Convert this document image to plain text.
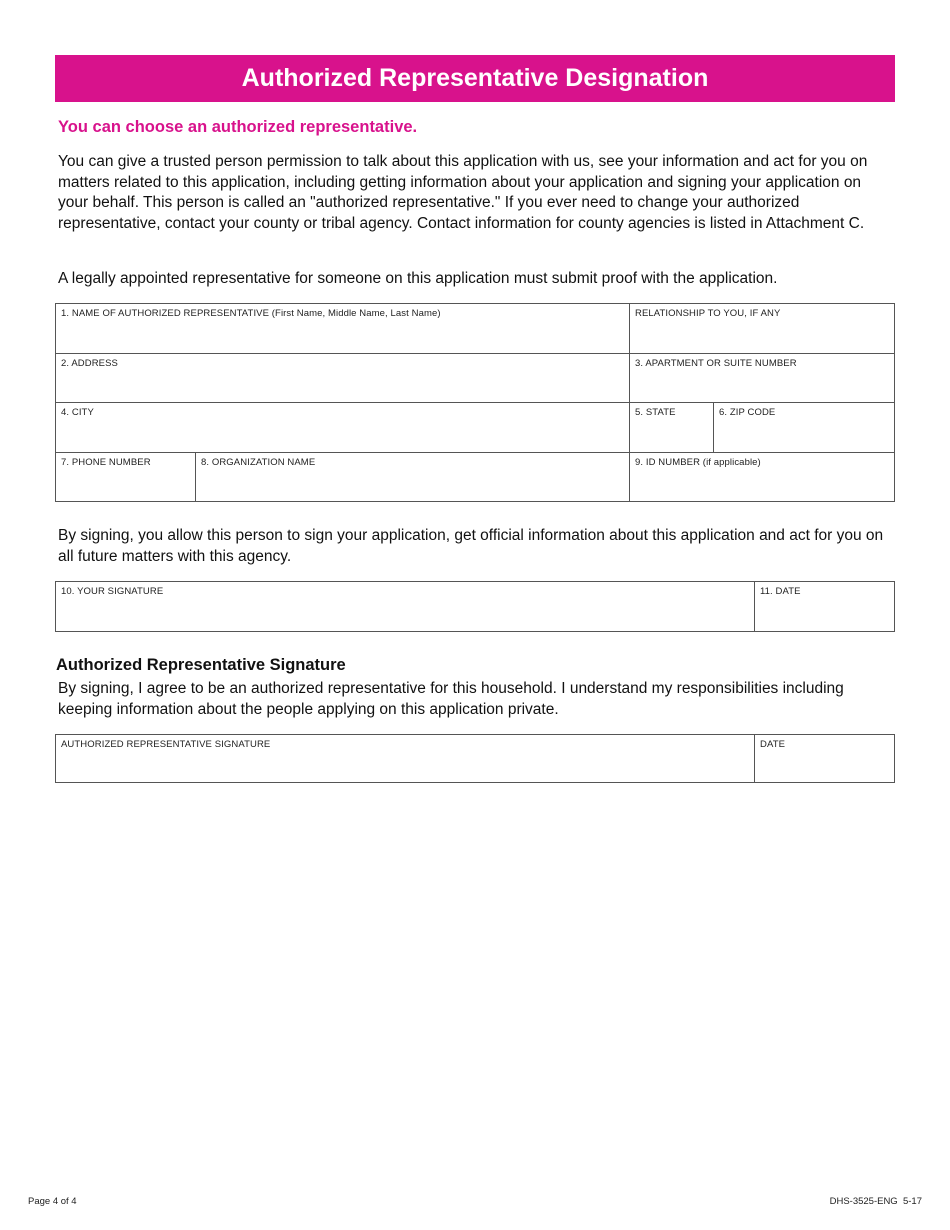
Authorized Representative Designation
You can choose an authorized representative.

You can give a trusted person permission to talk about this application with us, see your information and act for you on matters related to this application, including getting information about your application and signing your application on your behalf. This person is called an "authorized representative." If you ever need to change your authorized representative, contact your county or tribal agency. Contact information for county agencies is listed in Attachment C.

A legally appointed representative for someone on this application must submit proof with the application.

1. NAME OF AUTHORIZED REPRESENTATIVE (First Name, Middle Name, Last Name)	RELATIONSHIP TO YOU, IF ANY
2. ADDRESS	3. APARTMENT OR SUITE NUMBER
4. CITY	5. STATE	6. ZIP CODE
7. PHONE NUMBER	8. ORGANIZATION NAME	9. ID NUMBER (if applicable)

By signing, you allow this person to sign your application, get official information about this application and act for you on all future matters with this agency.

10. YOUR SIGNATURE	11. DATE
Authorized Representative Signature

By signing, I agree to be an authorized representative for this household. I understand my responsibilities including keeping information about the people applying on this application private.

AUTHORIZED REPRESENTATIVE SIGNATURE	DATE
Page 4 of 4	DHS-3525-ENG  5-17
